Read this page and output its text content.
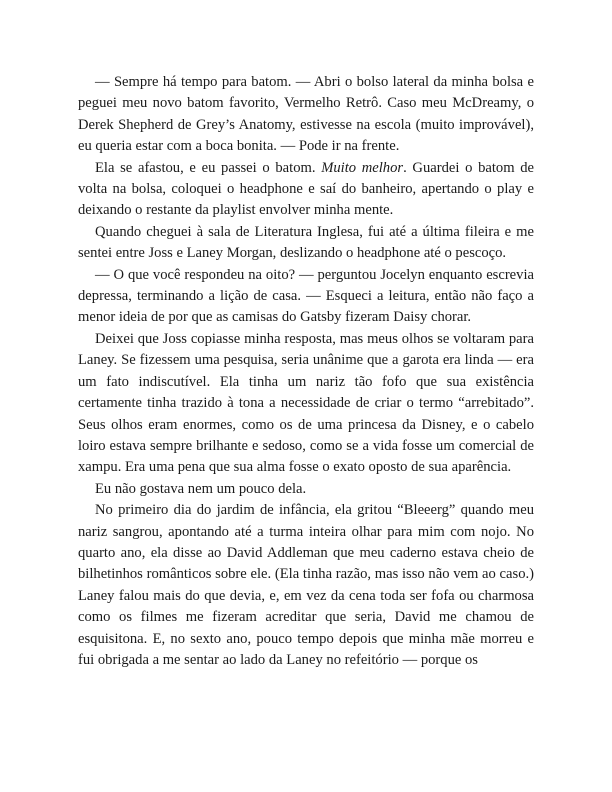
— Sempre há tempo para batom. — Abri o bolso lateral da minha bolsa e peguei meu novo batom favorito, Vermelho Retrô. Caso meu McDreamy, o Derek Shepherd de Grey’s Anatomy, estivesse na escola (muito improvável), eu queria estar com a boca bonita. — Pode ir na frente.

Ela se afastou, e eu passei o batom. Muito melhor. Guardei o batom de volta na bolsa, coloquei o headphone e saí do banheiro, apertando o play e deixando o restante da playlist envolver minha mente.

Quando cheguei à sala de Literatura Inglesa, fui até a última fileira e me sentei entre Joss e Laney Morgan, deslizando o headphone até o pescoço.

— O que você respondeu na oito? — perguntou Jocelyn enquanto escrevia depressa, terminando a lição de casa. — Esqueci a leitura, então não faço a menor ideia de por que as camisas do Gatsby fizeram Daisy chorar.

Deixei que Joss copiasse minha resposta, mas meus olhos se voltaram para Laney. Se fizessem uma pesquisa, seria unânime que a garota era linda — era um fato indiscutível. Ela tinha um nariz tão fofo que sua existência certamente tinha trazido à tona a necessidade de criar o termo “arrebitado”. Seus olhos eram enormes, como os de uma princesa da Disney, e o cabelo loiro estava sempre brilhante e sedoso, como se a vida fosse um comercial de xampu. Era uma pena que sua alma fosse o exato oposto de sua aparência.

Eu não gostava nem um pouco dela.

No primeiro dia do jardim de infância, ela gritou “Bleeerg” quando meu nariz sangrou, apontando até a turma inteira olhar para mim com nojo. No quarto ano, ela disse ao David Addleman que meu caderno estava cheio de bilhetinhos românticos sobre ele. (Ela tinha razão, mas isso não vem ao caso.) Laney falou mais do que devia, e, em vez da cena toda ser fofa ou charmosa como os filmes me fizeram acreditar que seria, David me chamou de esquisitona. E, no sexto ano, pouco tempo depois que minha mãe morreu e fui obrigada a me sentar ao lado da Laney no refeitório — porque os
